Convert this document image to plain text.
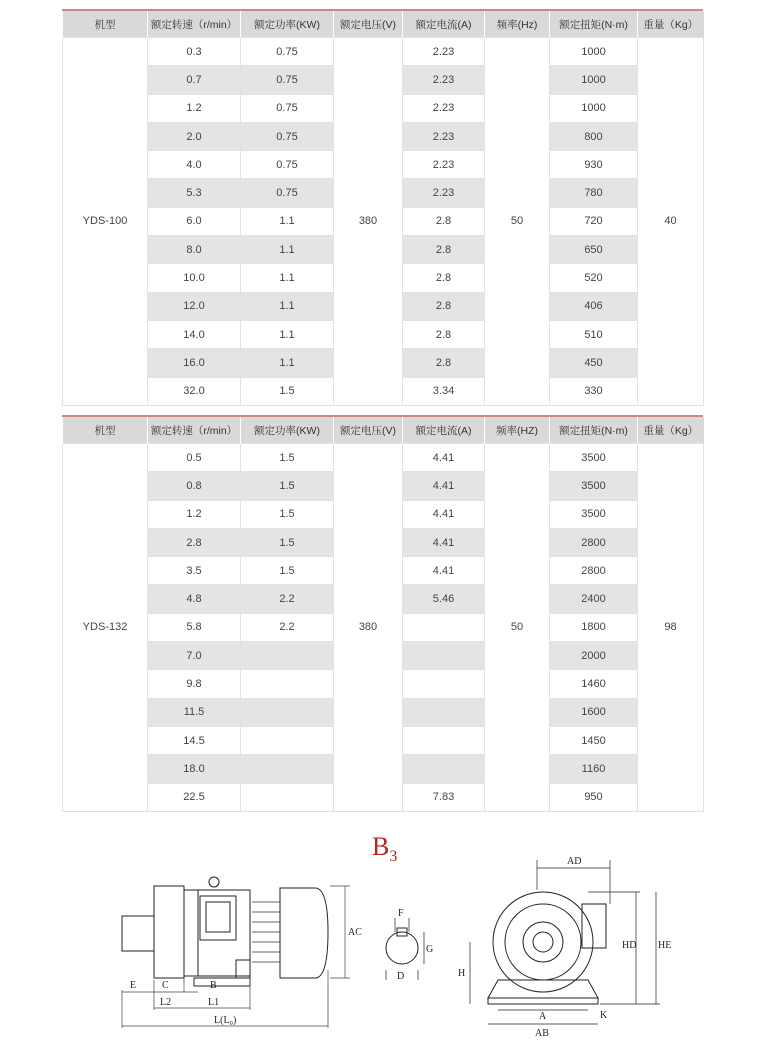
机型	额定转速（r/min）	额定功率(KW)	额定电压(V)	额定电流(A)	频率(Hz)	额定扭矩(N·m)	重量（Kg）
YDS-100	0.3	0.75	380	2.23	50	1000	40
	0.7	0.75		2.23		1000	
	1.2	0.75		2.23		1000	
	2.0	0.75		2.23		800	
	4.0	0.75		2.23		930	
	5.3	0.75		2.23		780	
	6.0	1.1		2.8		720	
	8.0	1.1		2.8		650	
	10.0	1.1		2.8		520	
	12.0	1.1		2.8		406	
	14.0	1.1		2.8		510	
	16.0	1.1		2.8		450	
	32.0	1.5		3.34		330	
机型	额定转速（r/min）	额定功率(KW)	额定电压(V)	额定电流(A)	频率(HZ)	额定扭矩(N·m)	重量（Kg）
YDS-132	0.5	1.5	380	4.41	50	3500	98
	0.8	1.5		4.41		3500	
	1.2	1.5		4.41		3500	
	2.8	1.5		4.41		2800	
	3.5	1.5		4.41		2800	
	4.8	2.2		5.46		2400	
	5.8	2.2				1800	
	7.0					2000	
	9.8					1460	
	11.5					1600	
	14.5					1450	
	18.0					1160	
	22.5			7.83		950	
$B_3$
E	C	B
L2	L1
L(L₀)
AC
F
G
D
AD
HD HE
H
A
AB
K
